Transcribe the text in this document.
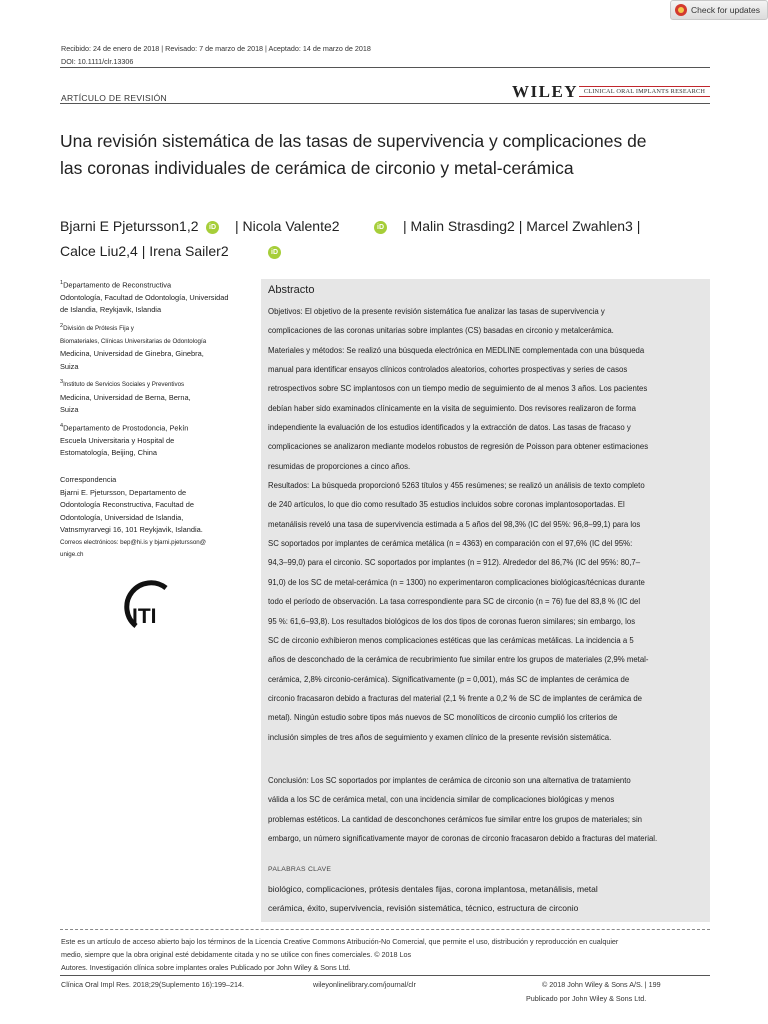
Check for updates
Recibido: 24 de enero de 2018 | Revisado: 7 de marzo de 2018 | Aceptado: 14 de marzo de 2018
DOI: 10.1111/clr.13306
ARTÍCULO DE REVISIÓN	WILEY CLINICAL ORAL IMPLANTS RESEARCH
Una revisión sistemática de las tasas de supervivencia y complicaciones de
las coronas individuales de cerámica de circonio y metal-cerámica
Bjarni E Pjetursson1,2	iD | Nicola Valente2	iD | Malin Strasding2 | Marcel Zwahlen3 |
Calce Liu2,4 | Irena Sailer2	iD
$^1$Departamento de Reconstructiva
Odontología, Facultad de Odontología, Universidad
de Islandia, Reykjavik, Islandia
$^2$División de Prótesis Fija y
Biomateriales, Clínicas Universitarias de Odontología
Medicina, Universidad de Ginebra, Ginebra,
Suiza
$^3$Instituto de Servicios Sociales y Preventivos
Medicina, Universidad de Berna, Berna,
Suiza
$^4$Departamento de Prostodoncia, Pekín
Escuela Universitaria y Hospital de
Estomatología, Beijing, China
Correspondencia
Bjarni E. Pjetursson, Departamento de
Odontología Reconstructiva, Facultad de
Odontología, Universidad de Islandia,
Vatnsmyrarvegi 16, 101 Reykjavik, Islandia.
Correos electrónicos: bep@hi.is y bjarni.pjetursson@
unige.ch
ITI
Abstracto
Objetivos: El objetivo de la presente revisión sistemática fue analizar las tasas de supervivencia y
complicaciones de las coronas unitarias sobre implantes (CS) basadas en circonio y metalcerámica.
Materiales y métodos: Se realizó una búsqueda electrónica en MEDLINE complementada con una búsqueda
manual para identificar ensayos clínicos controlados aleatorios, cohortes prospectivas y series de casos
retrospectivos sobre SC implantosos con un tiempo medio de seguimiento de al menos 3 años. Los pacientes
debían haber sido examinados clínicamente en la visita de seguimiento. Dos revisores realizaron de forma
independiente la evaluación de los estudios identificados y la extracción de datos. Las tasas de fracaso y
complicaciones se analizaron mediante modelos robustos de regresión de Poisson para obtener estimaciones
resumidas de proporciones a cinco años.
Resultados: La búsqueda proporcionó 5263 títulos y 455 resúmenes; se realizó un análisis de texto completo
de 240 artículos, lo que dio como resultado 35 estudios incluidos sobre coronas implantosoportadas. El
metanálisis reveló una tasa de supervivencia estimada a 5 años del 98,3% (IC del 95%: 96,8–99,1) para los
SC soportados por implantes de cerámica metálica (n = 4363) en comparación con el 97,6% (IC del 95%:
94,3–99,0) para el circonio. SC soportados por implantes (n = 912). Alrededor del 86,7% (IC del 95%: 80,7–
91,0) de los SC de metal-cerámica (n = 1300) no experimentaron complicaciones biológicas/técnicas durante
todo el período de observación. La tasa correspondiente para SC de circonio (n = 76) fue del 83,8 % (IC del
95 %: 61,6–93,8). Los resultados biológicos de los dos tipos de coronas fueron similares; sin embargo, los
SC de circonio exhibieron menos complicaciones estéticas que las cerámicas metálicas. La incidencia a 5
años de desconchado de la cerámica de recubrimiento fue similar entre los grupos de materiales (2,9% metal-
cerámica, 2,8% circonio-cerámica). Significativamente (p = 0,001), más SC de implantes de cerámica de
circonio fracasaron debido a fracturas del material (2,1 % frente a 0,2 % de SC de implantes de cerámica de
metal). Ningún estudio sobre tipos más nuevos de SC monolíticos de circonio cumplió los criterios de
inclusión simples de tres años de seguimiento y examen clínico de la presente revisión sistemática.
Conclusión: Los SC soportados por implantes de cerámica de circonio son una alternativa de tratamiento
válida a los SC de cerámica metal, con una incidencia similar de complicaciones biológicas y menos
problemas estéticos. La cantidad de desconchones cerámicos fue similar entre los grupos de materiales; sin
embargo, un número significativamente mayor de coronas de circonio fracasaron debido a fracturas del material.
PALABRAS CLAVE
biológico, complicaciones, prótesis dentales fijas, corona implantosa, metanálisis, metal
cerámica, éxito, supervivencia, revisión sistemática, técnico, estructura de circonio
Este es un artículo de acceso abierto bajo los términos de la Licencia Creative Commons Atribución-No Comercial, que permite el uso, distribución y reproducción en cualquier
medio, siempre que la obra original esté debidamente citada y no se utilice con fines comerciales. © 2018 Los
Autores. Investigación clínica sobre implantes orales Publicado por John Wiley & Sons Ltd.
Clínica Oral Impl Res. 2018;29(Suplemento 16):199–214.	wileyonlinelibrary.com/journal/clr	© 2018 John Wiley & Sons A/S. | 199
Publicado por John Wiley & Sons Ltd.
